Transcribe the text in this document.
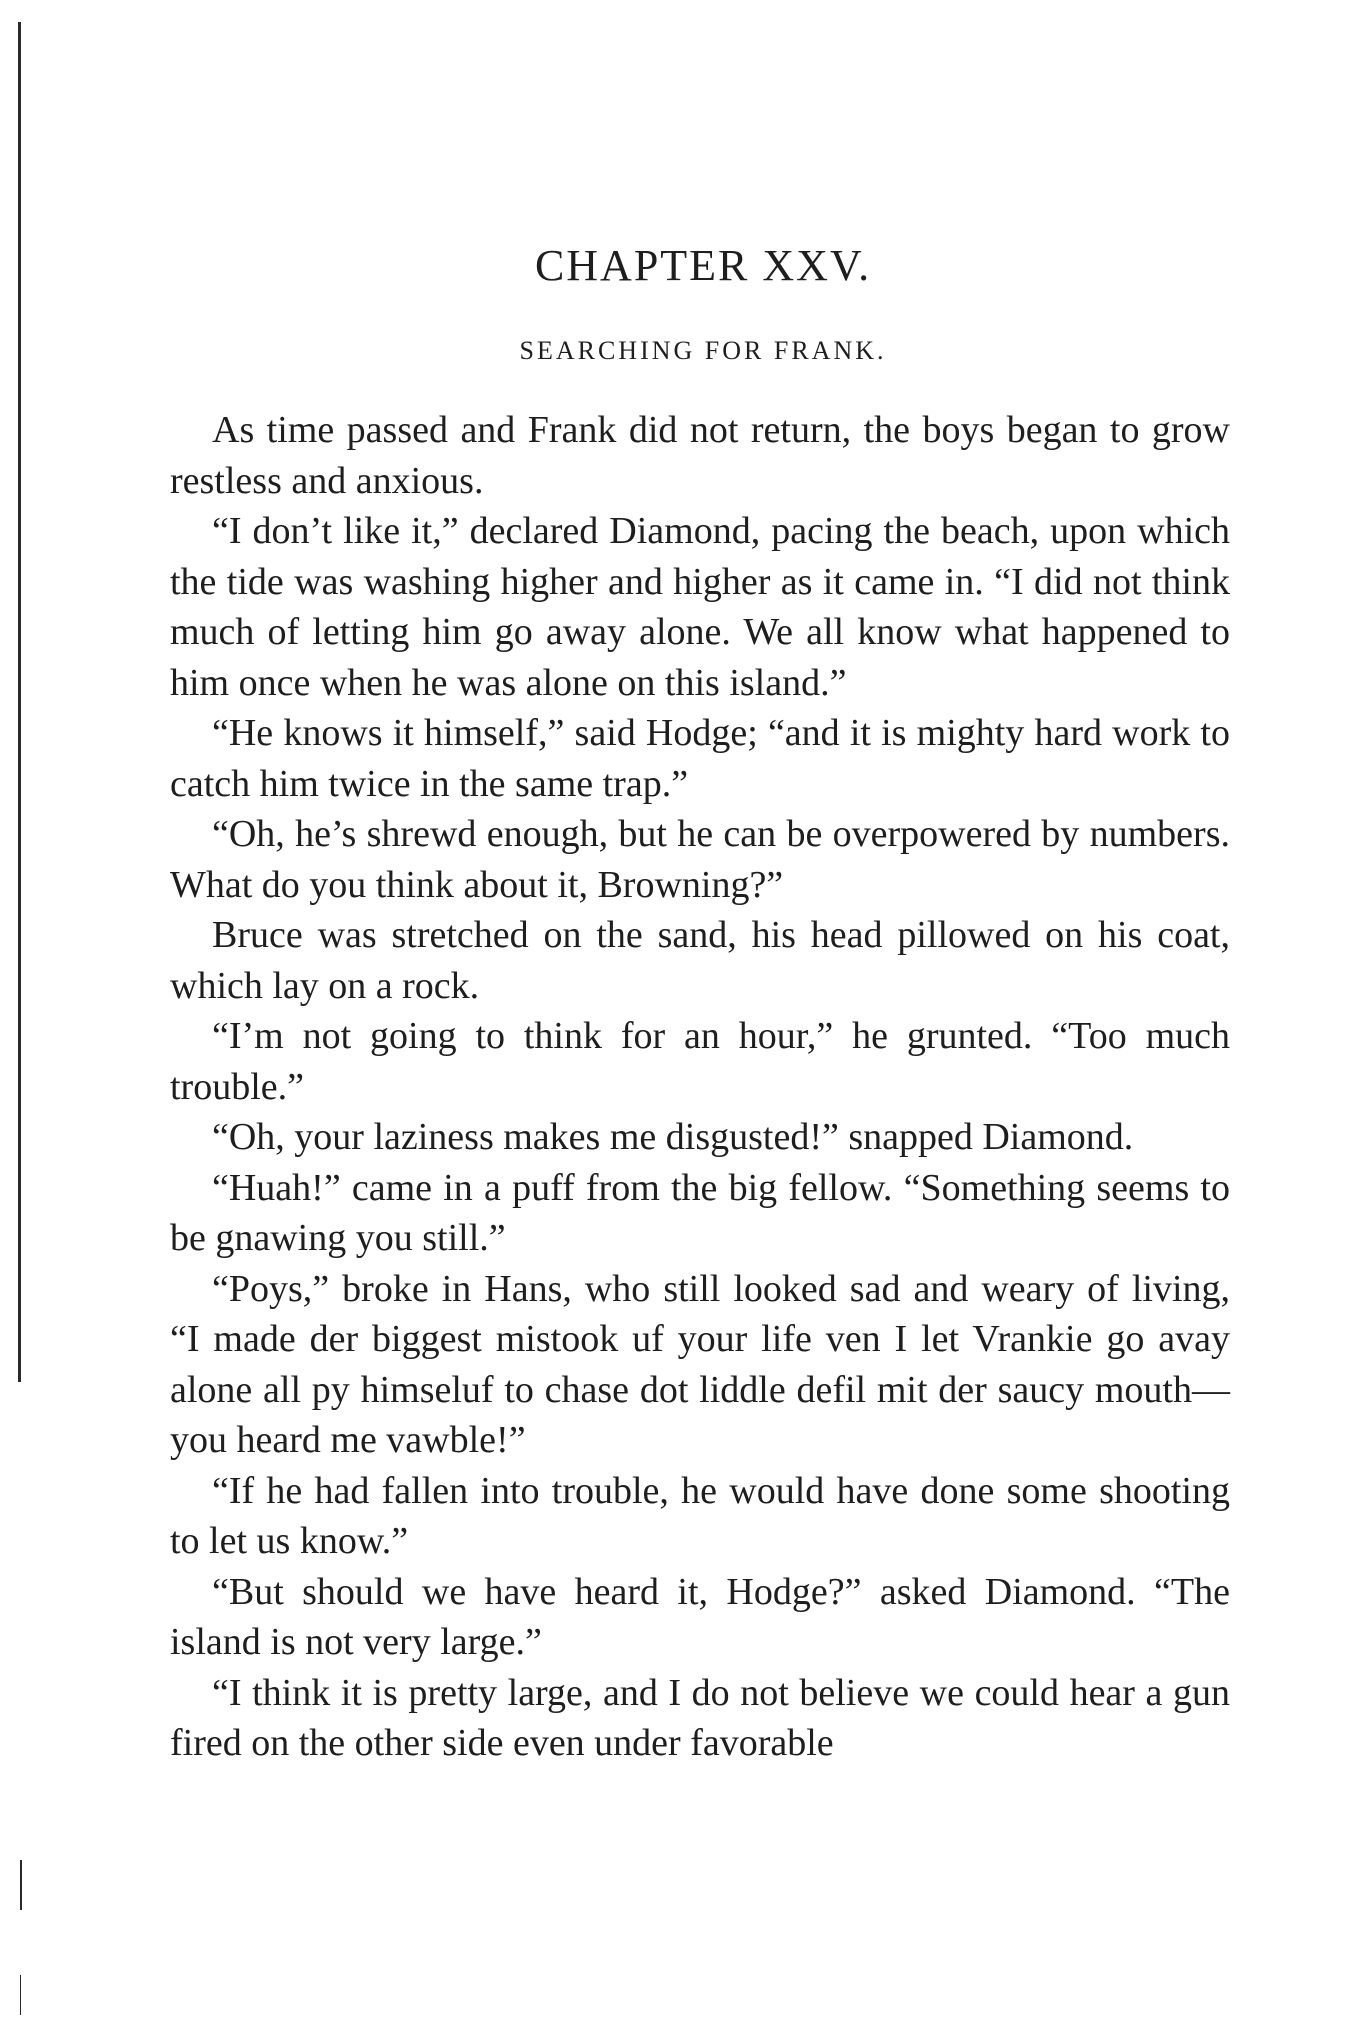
CHAPTER XXV.
SEARCHING FOR FRANK.

As time passed and Frank did not return, the boys began to grow restless and anxious.

“I don’t like it,” declared Diamond, pacing the beach, upon which the tide was washing higher and higher as it came in. “I did not think much of letting him go away alone. We all know what happened to him once when he was alone on this island.”

“He knows it himself,” said Hodge; “and it is mighty hard work to catch him twice in the same trap.”

“Oh, he’s shrewd enough, but he can be overpowered by numbers. What do you think about it, Browning?”

Bruce was stretched on the sand, his head pillowed on his coat, which lay on a rock.

“I’m not going to think for an hour,” he grunted. “Too much trouble.”

“Oh, your laziness makes me disgusted!” snapped Diamond.

“Huah!” came in a puff from the big fellow. “Something seems to be gnawing you still.”

“Poys,” broke in Hans, who still looked sad and weary of living, “I made der biggest mistook uf your life ven I let Vrankie go avay alone all py himseluf to chase dot liddle defil mit der saucy mouth—you heard me vawble!”

“If he had fallen into trouble, he would have done some shooting to let us know.”

“But should we have heard it, Hodge?” asked Diamond. “The island is not very large.”

“I think it is pretty large, and I do not believe we could hear a gun fired on the other side even under favorable
